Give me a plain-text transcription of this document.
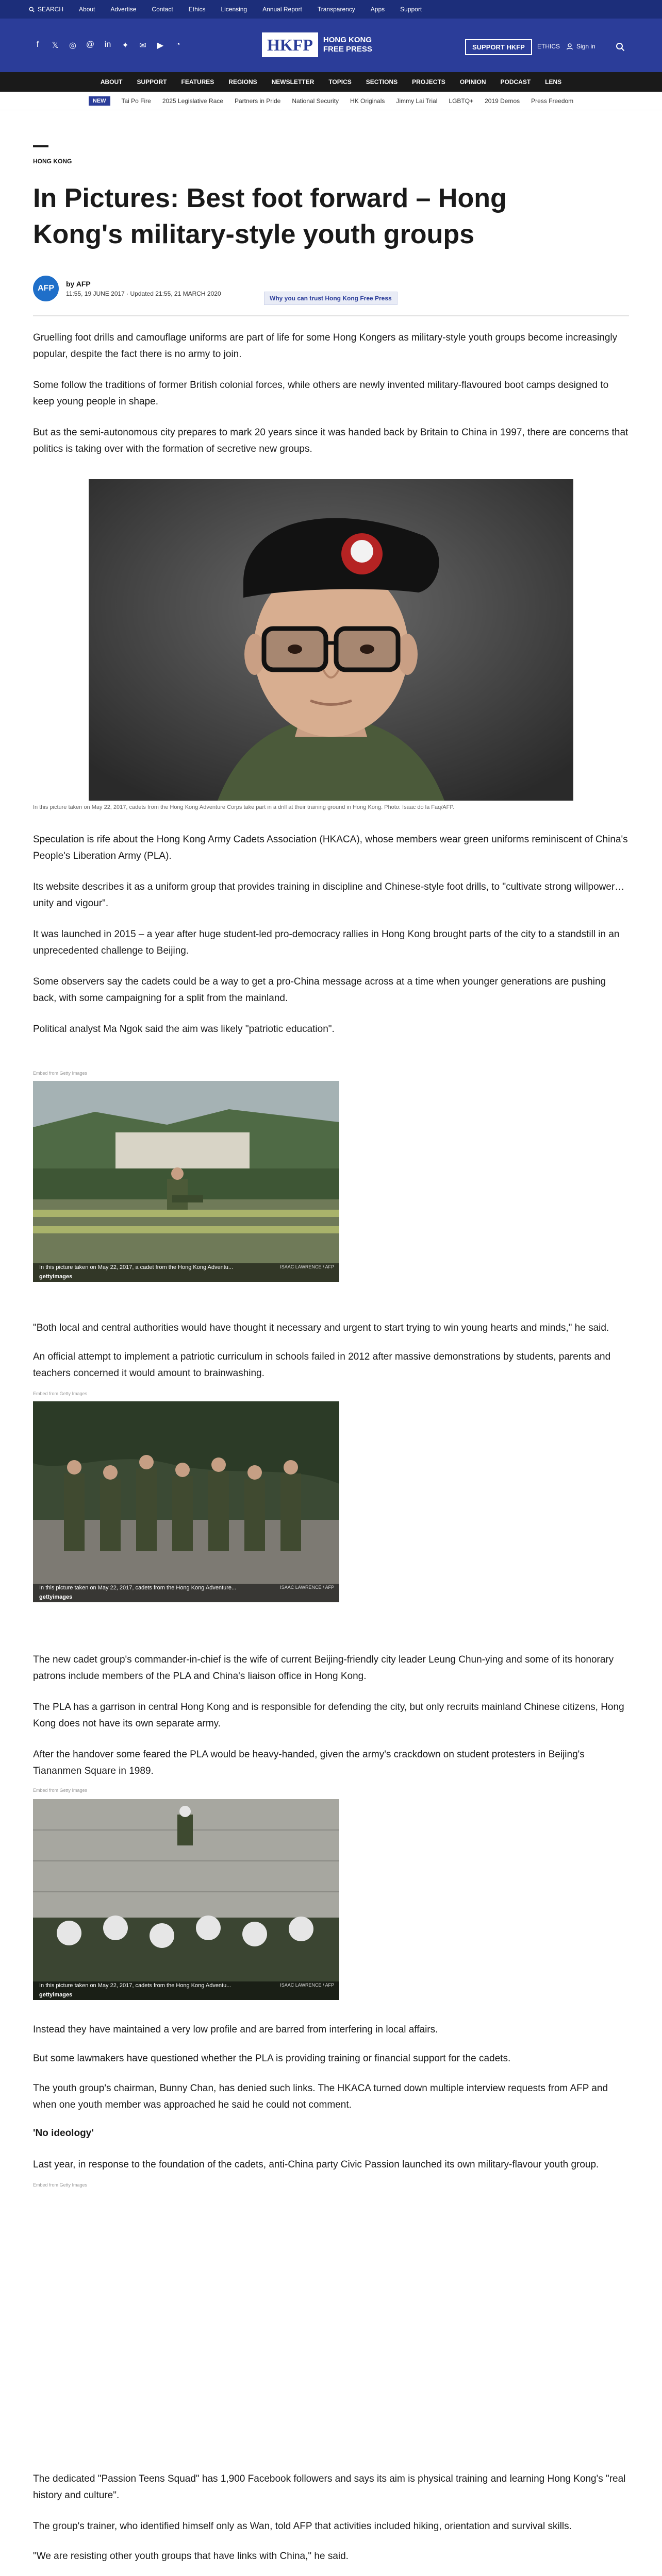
SEARCH	About	Advertise	Contact	Ethics	Licensing	Annual Report	Transparency	Apps	Support
f	𝕏 ◎ @ in ✦ ✉ ▶ ◔	HKFP	HONG KONG
FREE PRESS	SUPPORT HKFP	ETHICS	Sign in
ABOUT SUPPORT FEATURES REGIONS NEWSLETTER TOPICS SECTIONS PROJECTS OPINION PODCAST LENS
NEW	Tai Po Fire 2025 Legislative Race Partners in Pride National Security HK Originals Jimmy Lai Trial LGBTQ+ 2019 Demos Press Freedom
HONG KONG
In Pictures: Best foot forward – Hong Kong's military-style youth groups
AFP	by AFP
11:55, 19 JUNE 2017 · Updated 21:55, 21 MARCH 2020
Why you can trust Hong Kong Free Press

Gruelling foot drills and camouflage uniforms are part of life for some Hong Kongers as military-style youth groups become increasingly popular, despite the fact there is no army to join.

Some follow the traditions of former British colonial forces, while others are newly invented military-flavoured boot camps designed to keep young people in shape.

But as the semi-autonomous city prepares to mark 20 years since it was handed back by Britain to China in 1997, there are concerns that politics is taking over with the formation of secretive new groups.

In this picture taken on May 22, 2017, cadets from the Hong Kong Adventure Corps take part in a drill at their training ground in Hong Kong. Photo: Isaac do la Faq/AFP.

Speculation is rife about the Hong Kong Army Cadets Association (HKACA), whose members wear green uniforms reminiscent of China's People's Liberation Army (PLA).

Its website describes it as a uniform group that provides training in discipline and Chinese-style foot drills, to "cultivate strong willpower… unity and vigour".

It was launched in 2015 – a year after huge student-led pro-democracy rallies in Hong Kong brought parts of the city to a standstill in an unprecedented challenge to Beijing.

Some observers say the cadets could be a way to get a pro-China message across at a time when younger generations are pushing back, with some campaigning for a split from the mainland.

Political analyst Ma Ngok said the aim was likely "patriotic education".

Embed from Getty Images
In this picture taken on May 22, 2017, a cadet from the Hong Kong Adventu...
gettyimages
ISAAC LAWRENCE / AFP

"Both local and central authorities would have thought it necessary and urgent to start trying to win young hearts and minds," he said.

An official attempt to implement a patriotic curriculum in schools failed in 2012 after massive demonstrations by students, parents and teachers concerned it would amount to brainwashing.

Embed from Getty Images
In this picture taken on May 22, 2017, cadets from the Hong Kong Adventure...
gettyimages
ISAAC LAWRENCE / AFP

The new cadet group's commander-in-chief is the wife of current Beijing-friendly city leader Leung Chun-ying and some of its honorary patrons include members of the PLA and China's liaison office in Hong Kong.

The PLA has a garrison in central Hong Kong and is responsible for defending the city, but only recruits mainland Chinese citizens, Hong Kong does not have its own separate army.

After the handover some feared the PLA would be heavy-handed, given the army's crackdown on student protesters in Beijing's Tiananmen Square in 1989.

Embed from Getty Images
In this picture taken on May 22, 2017, cadets from the Hong Kong Adventu...
gettyimages
ISAAC LAWRENCE / AFP

Instead they have maintained a very low profile and are barred from interfering in local affairs.

But some lawmakers have questioned whether the PLA is providing training or financial support for the cadets.

The youth group's chairman, Bunny Chan, has denied such links. The HKACA turned down multiple interview requests from AFP and when one youth member was approached he said he could not comment.

'No ideology'

Last year, in response to the foundation of the cadets, anti-China party Civic Passion launched its own military-flavour youth group.

Embed from Getty Images

The dedicated "Passion Teens Squad" has 1,900 Facebook followers and says its aim is physical training and learning Hong Kong's "real history and culture".

The group's trainer, who identified himself only as Wan, told AFP that activities included hiking, orientation and survival skills.

"We are resisting other youth groups that have links with China," he said.
